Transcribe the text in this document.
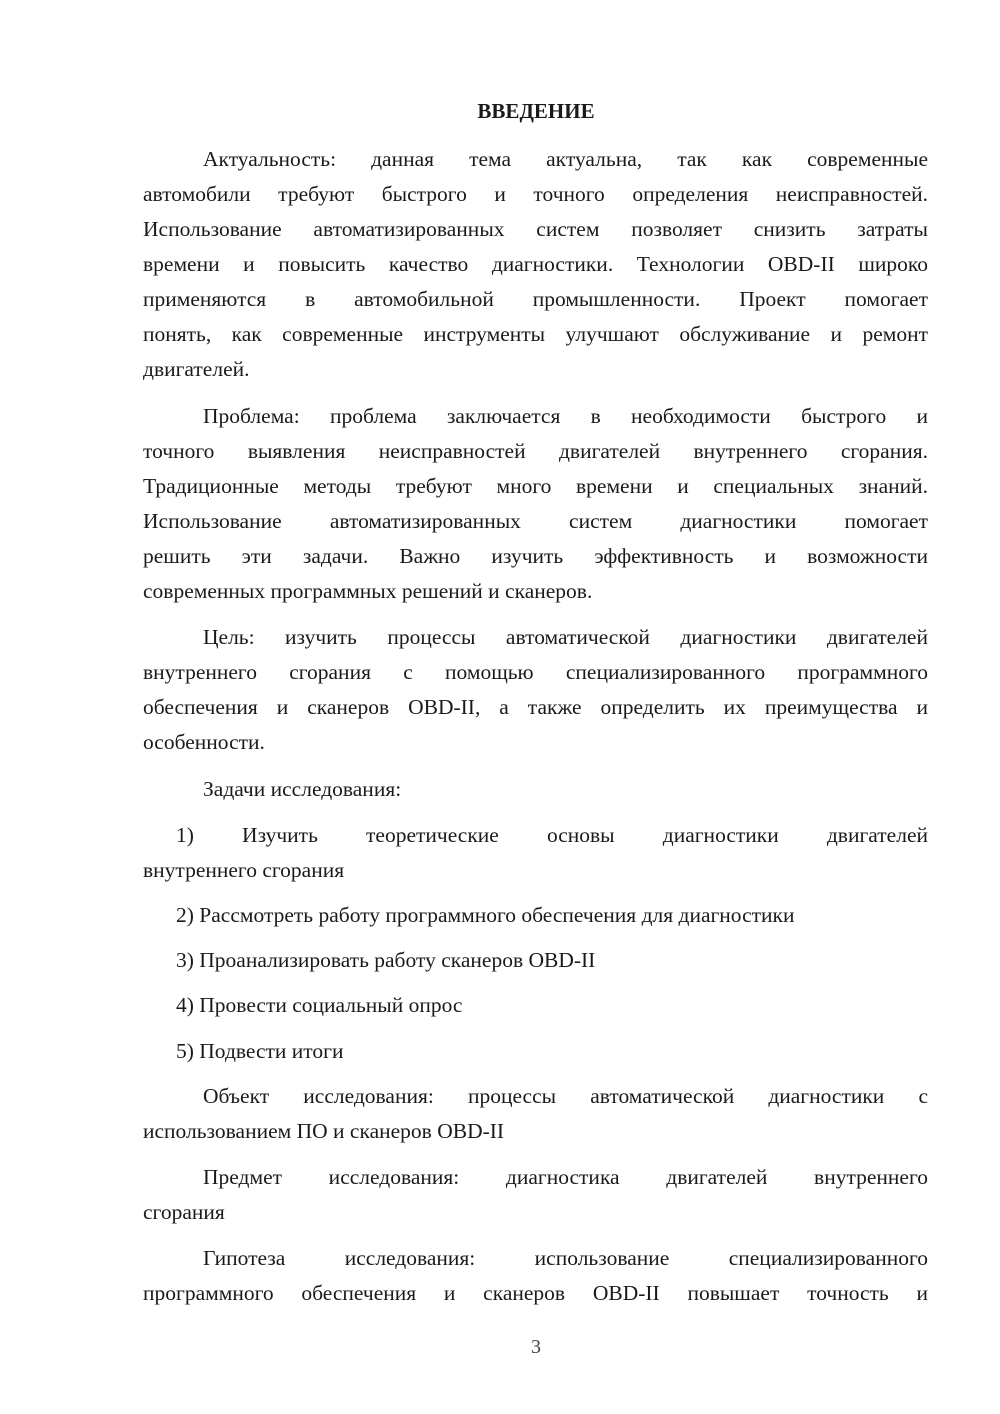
ВВЕДЕНИЕ
Актуальность: данная тема актуальна, так как современные
автомобили требуют быстрого и точного определения неисправностей.
Использование автоматизированных систем позволяет снизить затраты
времени и повысить качество диагностики. Технологии OBD-II широко
применяются в автомобильной промышленности. Проект помогает
понять, как современные инструменты улучшают обслуживание и ремонт
двигателей.
Проблема: проблема заключается в необходимости быстрого и
точного выявления неисправностей двигателей внутреннего сгорания.
Традиционные методы требуют много времени и специальных знаний.
Использование автоматизированных систем диагностики помогает
решить эти задачи. Важно изучить эффективность и возможности
современных программных решений и сканеров.
Цель: изучить процессы автоматической диагностики двигателей
внутреннего сгорания с помощью специализированного программного
обеспечения и сканеров OBD-II, а также определить их преимущества и
особенности.
Задачи исследования:
1) Изучить теоретические основы диагностики двигателей
внутреннего сгорания
2) Рассмотреть работу программного обеспечения для диагностики
3) Проанализировать работу сканеров OBD-II
4) Провести социальный опрос
5) Подвести итоги
Объект исследования: процессы автоматической диагностики с
использованием ПО и сканеров OBD-II
Предмет исследования: диагностика двигателей внутреннего
сгорания
Гипотеза исследования: использование специализированного
программного обеспечения и сканеров OBD-II повышает точность и
3
